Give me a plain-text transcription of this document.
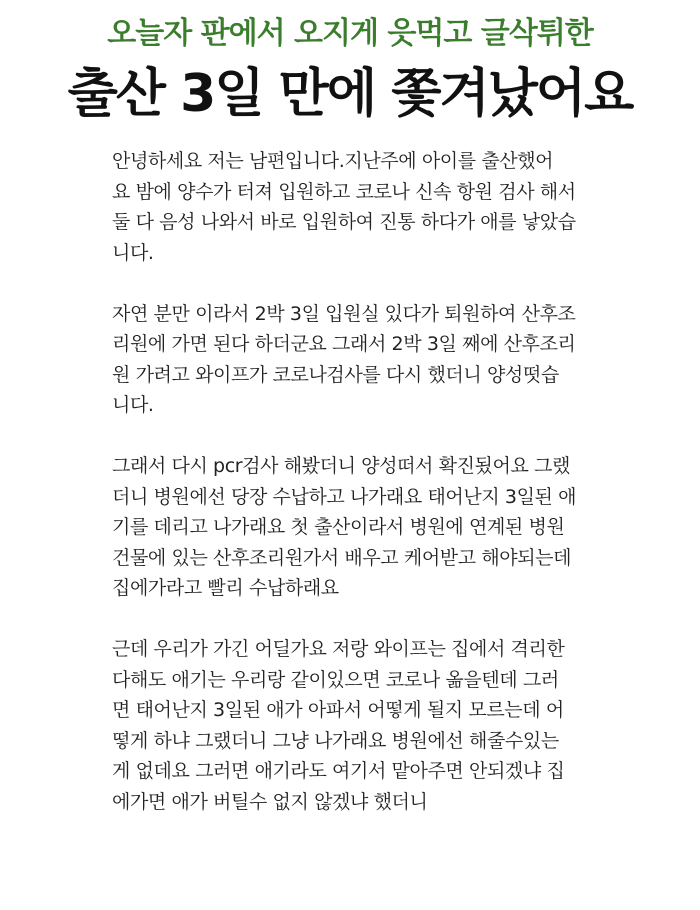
오늘자 판에서 오지게 읏먹고 글삭튀한
출산 3일 만에 쫓겨났어요
안녕하세요 저는 남편입니다.지난주에 아이를 출산했어
요 밤에 양수가 터져 입원하고 코로나 신속 항원 검사 해서
둘 다 음성 나와서 바로 입원하여 진통 하다가 애를 낳았습
니다.
자연 분만 이라서 2박 3일 입원실 있다가 퇴원하여 산후조
리원에 가면 된다 하더군요 그래서 2박 3일 째에 산후조리
원 가려고 와이프가 코로나검사를 다시 했더니 양성떳습
니다.
그래서 다시 pcr검사 해봤더니 양성떠서 확진됬어요 그랬
더니 병원에선 당장 수납하고 나가래요 태어난지 3일된 애
기를 데리고 나가래요 첫 출산이라서 병원에 연계된 병원
건물에 있는 산후조리원가서 배우고 케어받고 해야되는데
집에가라고 빨리 수납하래요
근데 우리가 가긴 어딜가요 저랑 와이프는 집에서 격리한
다해도 애기는 우리랑 같이있으면 코로나 옮을텐데 그러
면 태어난지 3일된 애가 아파서 어떻게 될지 모르는데 어
떻게 하냐 그랬더니 그냥 나가래요 병원에선 해줄수있는
게 없데요 그러면 애기라도 여기서 맡아주면 안되겠냐 집
에가면 애가 버틸수 없지 않겠냐 했더니
